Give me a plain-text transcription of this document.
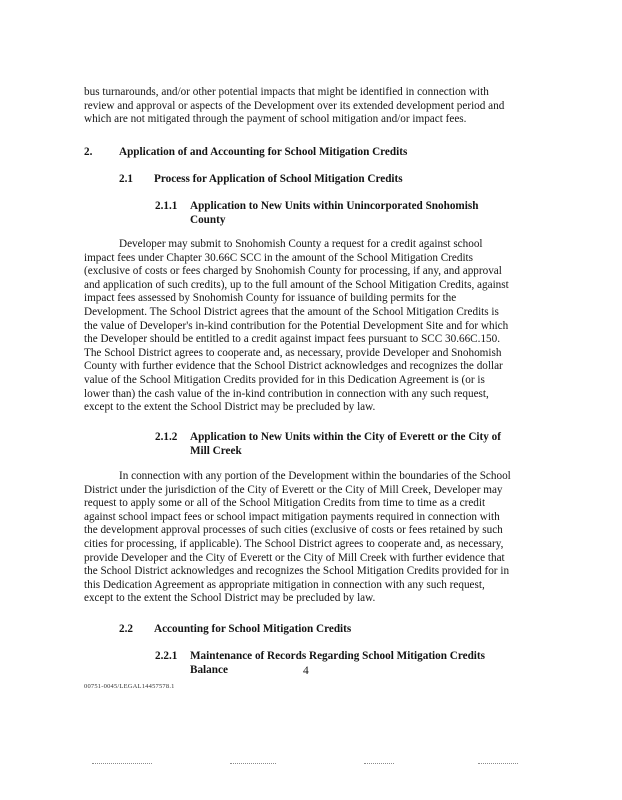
bus turnarounds, and/or other potential impacts that might be identified in connection with
review and approval or aspects of the Development over its extended development period and
which are not mitigated through the payment of school mitigation and/or impact fees.
2. Application of and Accounting for School Mitigation Credits
2.1 Process for Application of School Mitigation Credits
2.1.1 Application to New Units within Unincorporated Snohomish
County
Developer may submit to Snohomish County a request for a credit against school
impact fees under Chapter 30.66C SCC in the amount of the School Mitigation Credits
(exclusive of costs or fees charged by Snohomish County for processing, if any, and approval
and application of such credits), up to the full amount of the School Mitigation Credits, against
impact fees assessed by Snohomish County for issuance of building permits for the
Development. The School District agrees that the amount of the School Mitigation Credits is
the value of Developer's in-kind contribution for the Potential Development Site and for which
the Developer should be entitled to a credit against impact fees pursuant to SCC 30.66C.150.
The School District agrees to cooperate and, as necessary, provide Developer and Snohomish
County with further evidence that the School District acknowledges and recognizes the dollar
value of the School Mitigation Credits provided for in this Dedication Agreement is (or is
lower than) the cash value of the in-kind contribution in connection with any such request,
except to the extent the School District may be precluded by law.
2.1.2 Application to New Units within the City of Everett or the City of
Mill Creek
In connection with any portion of the Development within the boundaries of the School
District under the jurisdiction of the City of Everett or the City of Mill Creek, Developer may
request to apply some or all of the School Mitigation Credits from time to time as a credit
against school impact fees or school impact mitigation payments required in connection with
the development approval processes of such cities (exclusive of costs or fees retained by such
cities for processing, if applicable). The School District agrees to cooperate and, as necessary,
provide Developer and the City of Everett or the City of Mill Creek with further evidence that
the School District acknowledges and recognizes the School Mitigation Credits provided for in
this Dedication Agreement as appropriate mitigation in connection with any such request,
except to the extent the School District may be precluded by law.
2.2 Accounting for School Mitigation Credits
2.2.1 Maintenance of Records Regarding School Mitigation Credits
Balance	4
00751-0045/LEGAL14457578.1
